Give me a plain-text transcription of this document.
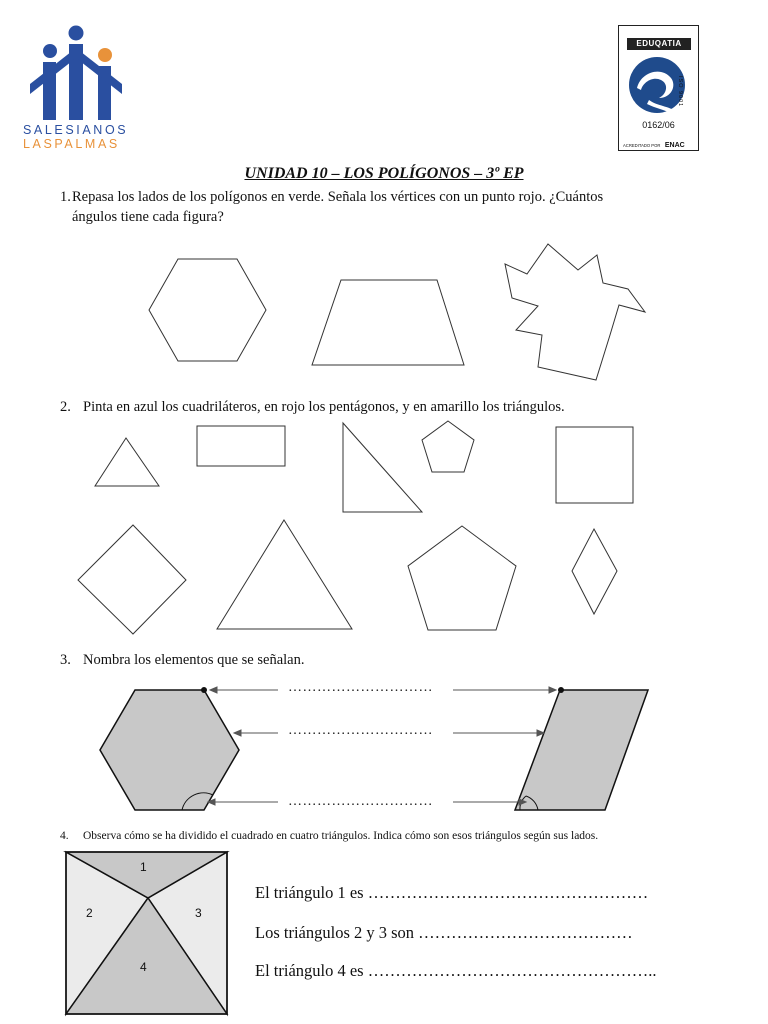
SALESIANOS
LASPALMAS
EDUQATIA
ISO 9001
0162/06
ACREDITADO POR ENAC
UNIDAD 10 – LOS POLÍGONOS – 3º EP
1. Repasa los lados de los polígonos en verde. Señala los vértices con un punto rojo. ¿Cuántos
ángulos tiene cada figura?
2. Pinta en azul los cuadriláteros, en rojo los pentágonos, y en amarillo los triángulos.
3. Nombra los elementos que se señalan.
…………………………
…………………………
…………………………
4. Observa cómo se ha dividido el cuadrado en cuatro triángulos. Indica cómo son esos triángulos según sus lados.
El triángulo 1 es ……………………………………………
Los triángulos 2 y 3 son …………………………………
El triángulo 4 es ……………………………………………..
1
2	3
4
